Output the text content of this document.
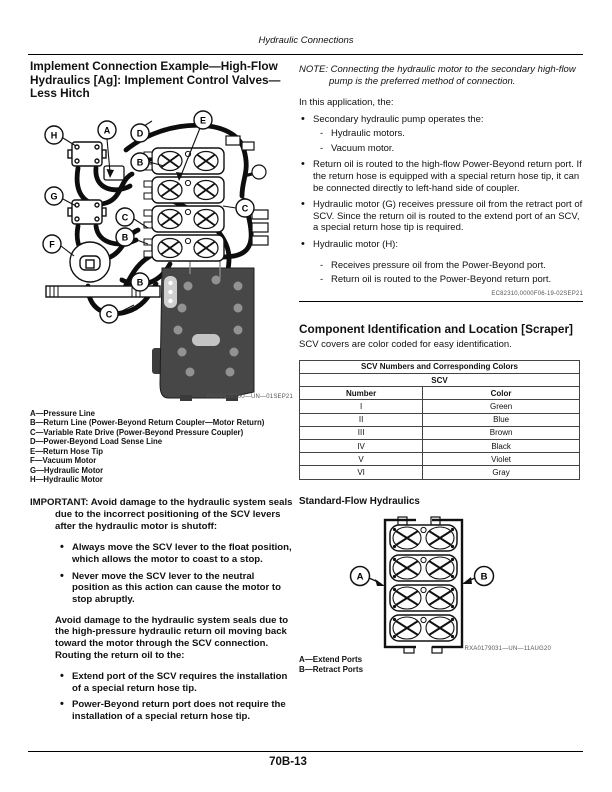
Hydraulic Connections

Implement Connection Example—High-Flow Hydraulics [Ag]: Implement Control Valves—Less Hitch

H	A	D
E
B
G
C
B
C
F
B
C
RXA0185300—UN—01SEP21
A—Pressure Line
B—Return Line (Power-Beyond Return Coupler—Motor Return)
C—Variable Rate Drive (Power-Beyond Pressure Coupler)
D—Power-Beyond Load Sense Line
E—Return Hose Tip
F—Vacuum Motor
G—Hydraulic Motor
H—Hydraulic Motor

IMPORTANT: Avoid damage to the hydraulic system seals due to the incorrect positioning of the SCV levers after the hydraulic motor is shutoff:

• Always move the SCV lever to the float position, which allows the motor to coast to a stop.
• Never move the SCV lever to the neutral position as this action can cause the motor to stop abruptly.

Avoid damage to the hydraulic system seals due to the high-pressure hydraulic return oil moving back toward the motor through the SCV connection. Routing the return oil to the:

• Extend port of the SCV requires the installation of a special return hose tip.
• Power-Beyond return port does not require the installation of a special return hose tip.

NOTE: Connecting the hydraulic motor to the secondary high-flow pump is the preferred method of connection.

In this application, the:

• Secondary hydraulic pump operates the:
- Hydraulic motors.
- Vacuum motor.
• Return oil is routed to the high-flow Power-Beyond return port. If the return hose is equipped with a special return hose tip, it can be connected directly to left-hand side of coupler.
• Hydraulic motor (G) receives pressure oil from the retract port of SCV. Since the return oil is routed to the extend port of an SCV, a special return hose tip is required.
• Hydraulic motor (H):
- Receives pressure oil from the Power-Beyond port.
- Return oil is routed to the Power-Beyond return port.
EC82310,0000F06-19-02SEP21

Component Identification and Location [Scraper]

SCV covers are color coded for easy identification.

SCV Numbers and Corresponding Colors	
SCV	
Number	Color
I	Green
II	Blue
III	Brown
IV	Black
V	Violet
VI	Gray

Standard-Flow Hydraulics

A	B
RXA0179031—UN—11AUG20
A—Extend Ports
B—Retract Ports
70B-13
